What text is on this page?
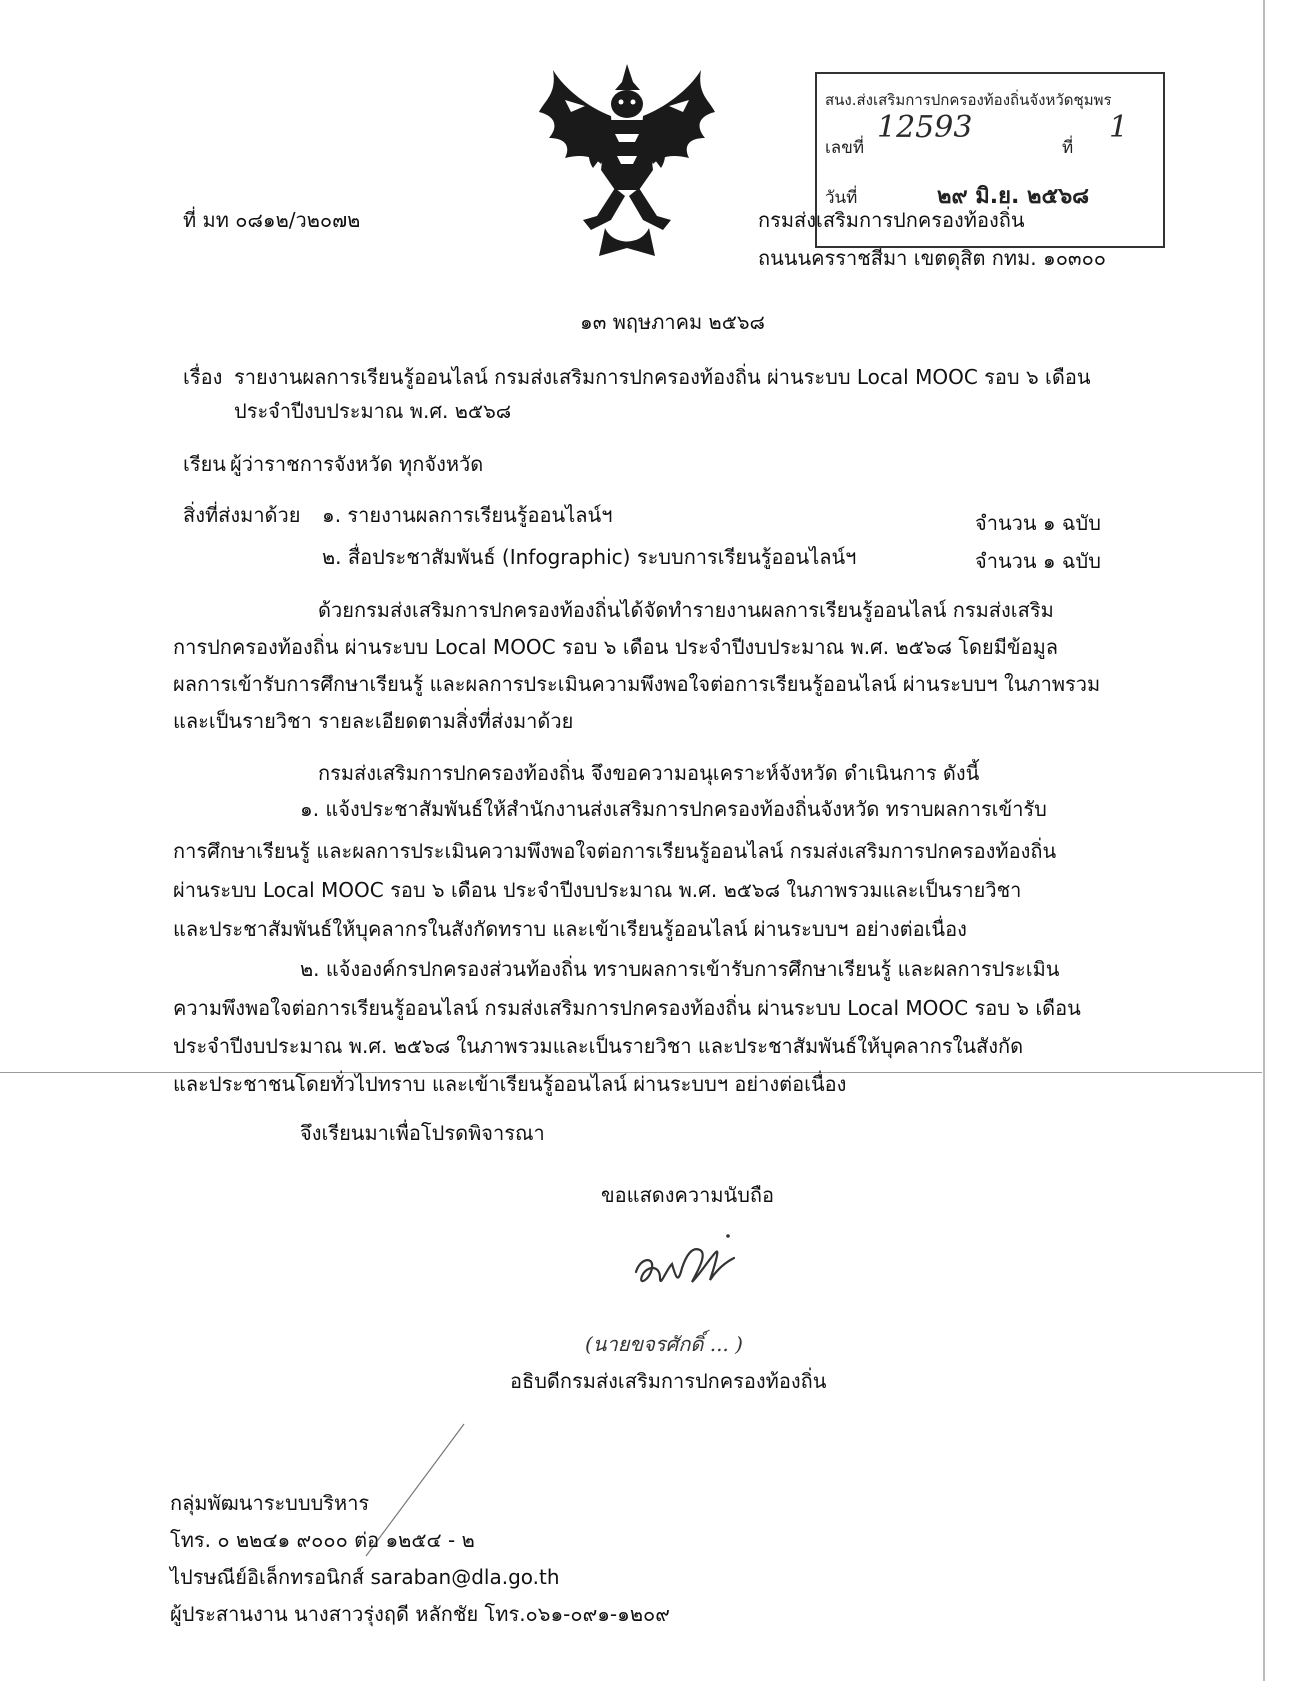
ที่ มท ๐๘๑๒/ว๒๐๗๒
สนง.ส่งเสริมการปกครองท้องถิ่นจังหวัดชุมพร
เลขที่
12593
ที่
1
วันที่	๒๙ มิ.ย. ๒๕๖๘
กรมส่งเสริมการปกครองท้องถิ่น
ถนนนครราชสีมา เขตดุสิต กทม. ๑๐๓๐๐
๑๓ พฤษภาคม ๒๕๖๘
เรื่อง รายงานผลการเรียนรู้ออนไลน์ กรมส่งเสริมการปกครองท้องถิ่น ผ่านระบบ Local MOOC รอบ ๖ เดือน
ประจำปีงบประมาณ พ.ศ. ๒๕๖๘
เรียน ผู้ว่าราชการจังหวัด ทุกจังหวัด
สิ่งที่ส่งมาด้วย ๑. รายงานผลการเรียนรู้ออนไลน์ฯ	จำนวน ๑ ฉบับ
๒. สื่อประชาสัมพันธ์ (Infographic) ระบบการเรียนรู้ออนไลน์ฯ	จำนวน ๑ ฉบับ
ด้วยกรมส่งเสริมการปกครองท้องถิ่นได้จัดทำรายงานผลการเรียนรู้ออนไลน์ กรมส่งเสริม
การปกครองท้องถิ่น ผ่านระบบ Local MOOC รอบ ๖ เดือน ประจำปีงบประมาณ พ.ศ. ๒๕๖๘ โดยมีข้อมูล
ผลการเข้ารับการศึกษาเรียนรู้ และผลการประเมินความพึงพอใจต่อการเรียนรู้ออนไลน์ ผ่านระบบฯ ในภาพรวม
และเป็นรายวิชา รายละเอียดตามสิ่งที่ส่งมาด้วย
กรมส่งเสริมการปกครองท้องถิ่น จึงขอความอนุเคราะห์จังหวัด ดำเนินการ ดังนี้
๑. แจ้งประชาสัมพันธ์ให้สำนักงานส่งเสริมการปกครองท้องถิ่นจังหวัด ทราบผลการเข้ารับ
การศึกษาเรียนรู้ และผลการประเมินความพึงพอใจต่อการเรียนรู้ออนไลน์ กรมส่งเสริมการปกครองท้องถิ่น
ผ่านระบบ Local MOOC รอบ ๖ เดือน ประจำปีงบประมาณ พ.ศ. ๒๕๖๘ ในภาพรวมและเป็นรายวิชา
และประชาสัมพันธ์ให้บุคลากรในสังกัดทราบ และเข้าเรียนรู้ออนไลน์ ผ่านระบบฯ อย่างต่อเนื่อง
๒. แจ้งองค์กรปกครองส่วนท้องถิ่น ทราบผลการเข้ารับการศึกษาเรียนรู้ และผลการประเมิน
ความพึงพอใจต่อการเรียนรู้ออนไลน์ กรมส่งเสริมการปกครองท้องถิ่น ผ่านระบบ Local MOOC รอบ ๖ เดือน
ประจำปีงบประมาณ พ.ศ. ๒๕๖๘ ในภาพรวมและเป็นรายวิชา และประชาสัมพันธ์ให้บุคลากรในสังกัด
และประชาชนโดยทั่วไปทราบ และเข้าเรียนรู้ออนไลน์ ผ่านระบบฯ อย่างต่อเนื่อง
จึงเรียนมาเพื่อโปรดพิจารณา
ขอแสดงความนับถือ
(นายขจรศักดิ์ ... )
อธิบดีกรมส่งเสริมการปกครองท้องถิ่น
กลุ่มพัฒนาระบบบริหาร
โทร. ๐ ๒๒๔๑ ๙๐๐๐ ต่อ ๑๒๕๔ - ๒
ไปรษณีย์อิเล็กทรอนิกส์ saraban@dla.go.th
ผู้ประสานงาน นางสาวรุ่งฤดี หลักชัย โทร.๐๖๑-๐๙๑-๑๒๐๙
